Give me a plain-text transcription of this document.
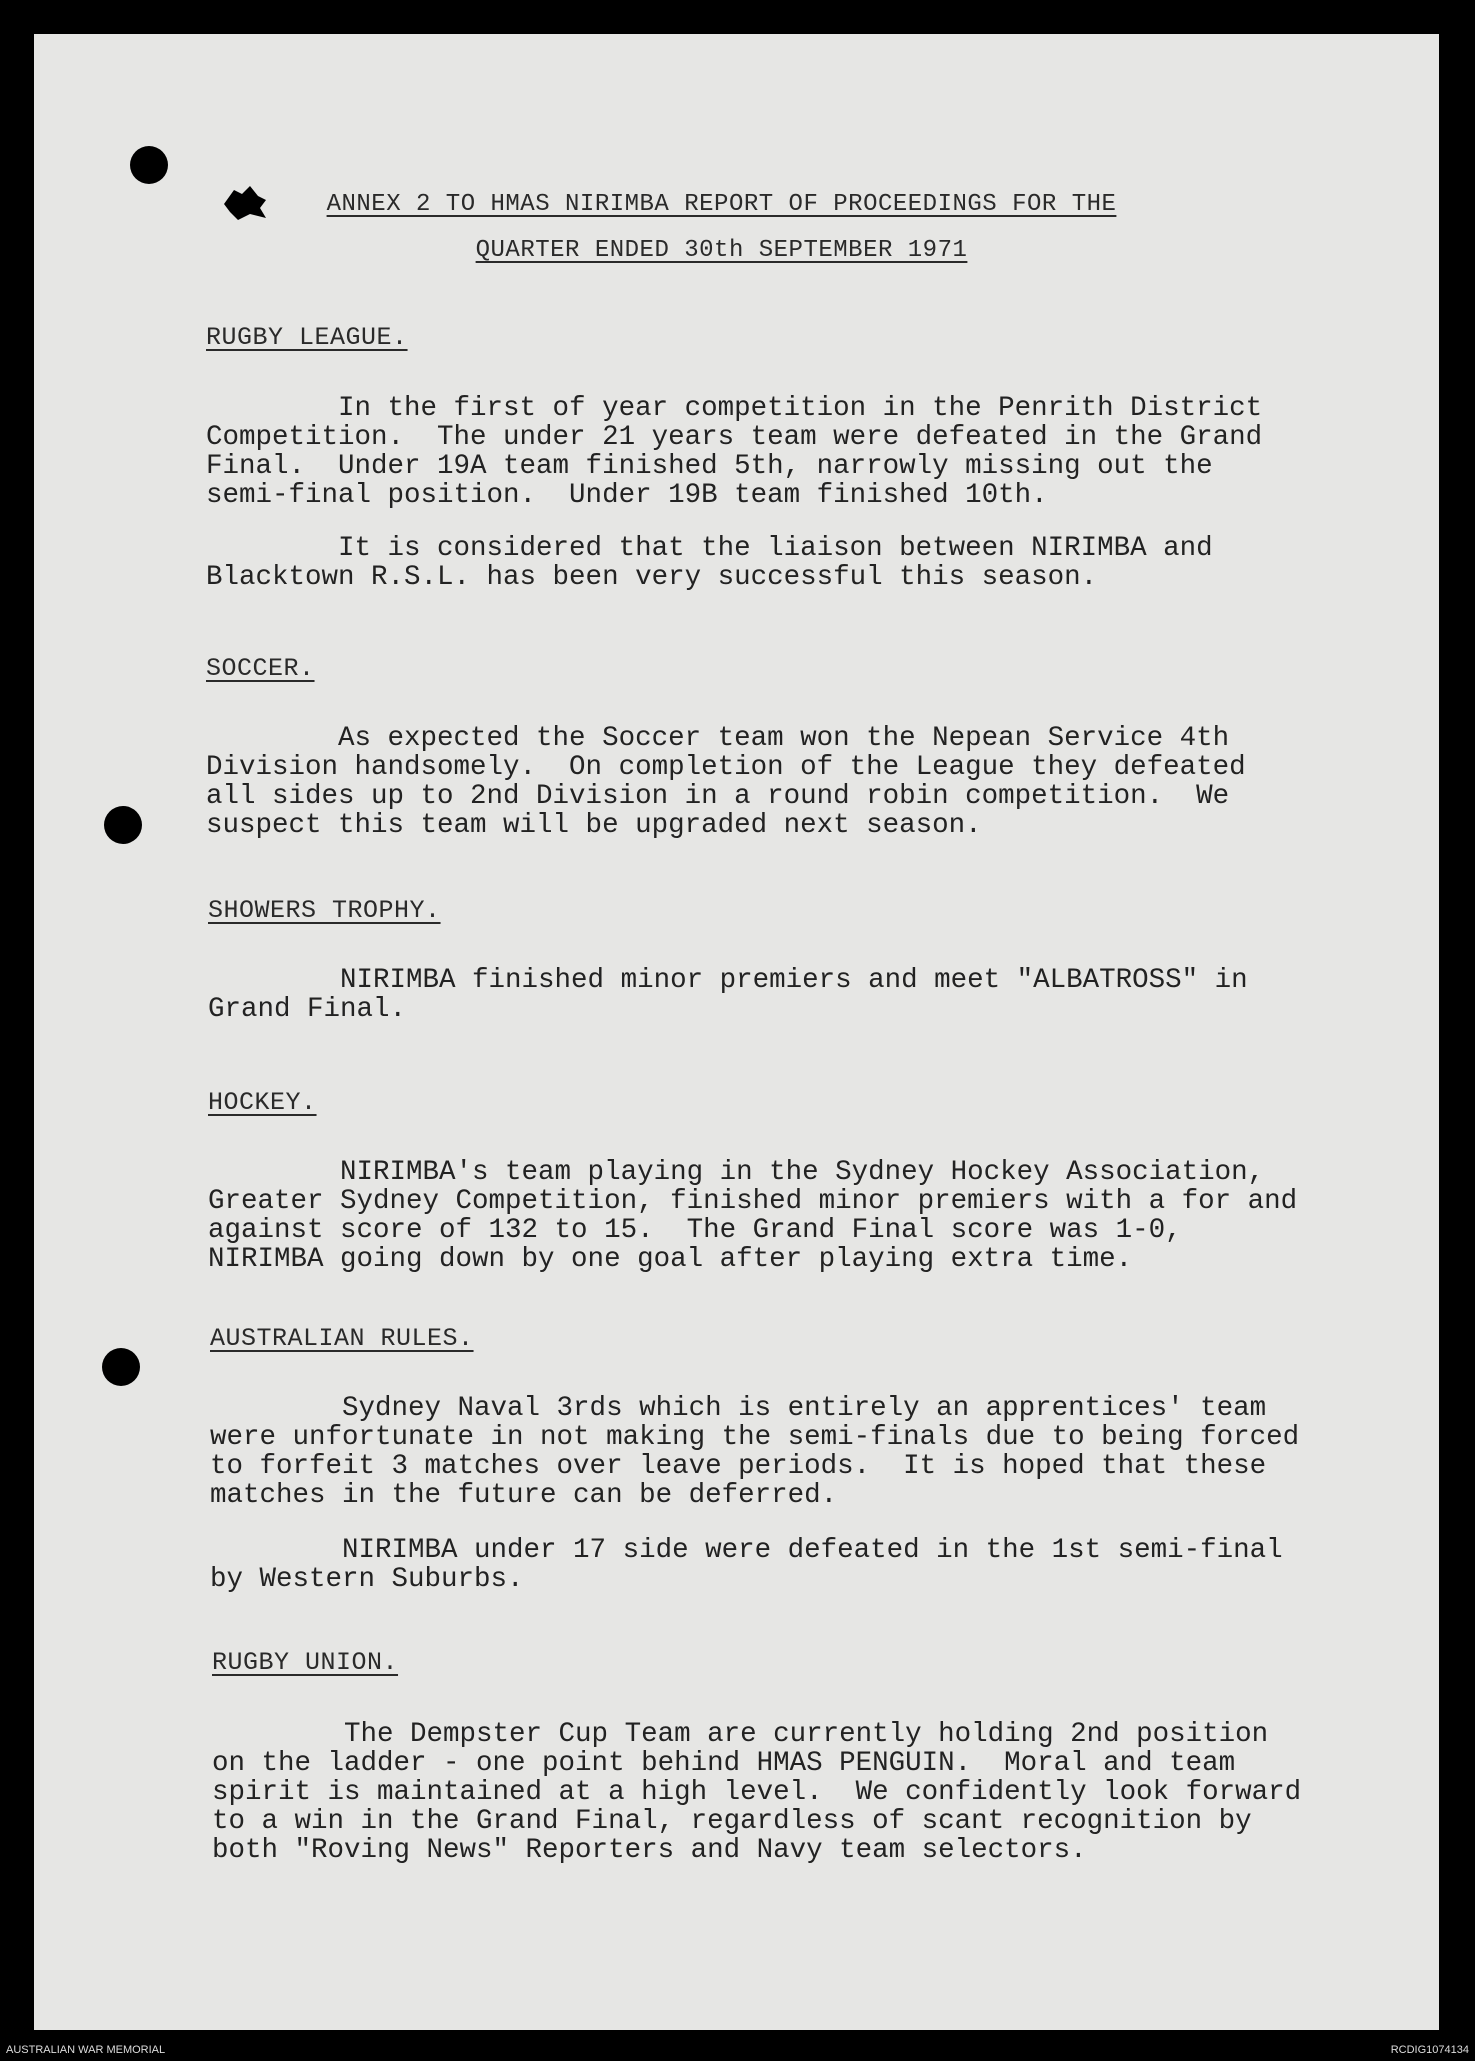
ANNEX 2 TO HMAS NIRIMBA REPORT OF PROCEEDINGS FOR THE
QUARTER ENDED 30th SEPTEMBER 1971
RUGBY LEAGUE.

In the first of year competition in the Penrith District
Competition.  The under 21 years team were defeated in the Grand
Final.  Under 19A team finished 5th, narrowly missing out the
semi-final position.  Under 19B team finished 10th.

It is considered that the liaison between NIRIMBA and
Blacktown R.S.L. has been very successful this season.

SOCCER.

As expected the Soccer team won the Nepean Service 4th
Division handsomely.  On completion of the League they defeated
all sides up to 2nd Division in a round robin competition.  We
suspect this team will be upgraded next season.

SHOWERS TROPHY.

NIRIMBA finished minor premiers and meet "ALBATROSS" in
Grand Final.

HOCKEY.

NIRIMBA's team playing in the Sydney Hockey Association,
Greater Sydney Competition, finished minor premiers with a for and
against score of 132 to 15.  The Grand Final score was 1-0,
NIRIMBA going down by one goal after playing extra time.

AUSTRALIAN RULES.

Sydney Naval 3rds which is entirely an apprentices' team
were unfortunate in not making the semi-finals due to being forced
to forfeit 3 matches over leave periods.  It is hoped that these
matches in the future can be deferred.

NIRIMBA under 17 side were defeated in the 1st semi-final
by Western Suburbs.

RUGBY UNION.

The Dempster Cup Team are currently holding 2nd position
on the ladder - one point behind HMAS PENGUIN.  Moral and team
spirit is maintained at a high level.  We confidently look forward
to a win in the Grand Final, regardless of scant recognition by
both "Roving News" Reporters and Navy team selectors.

AUSTRALIAN WAR MEMORIAL	RCDIG1074134
